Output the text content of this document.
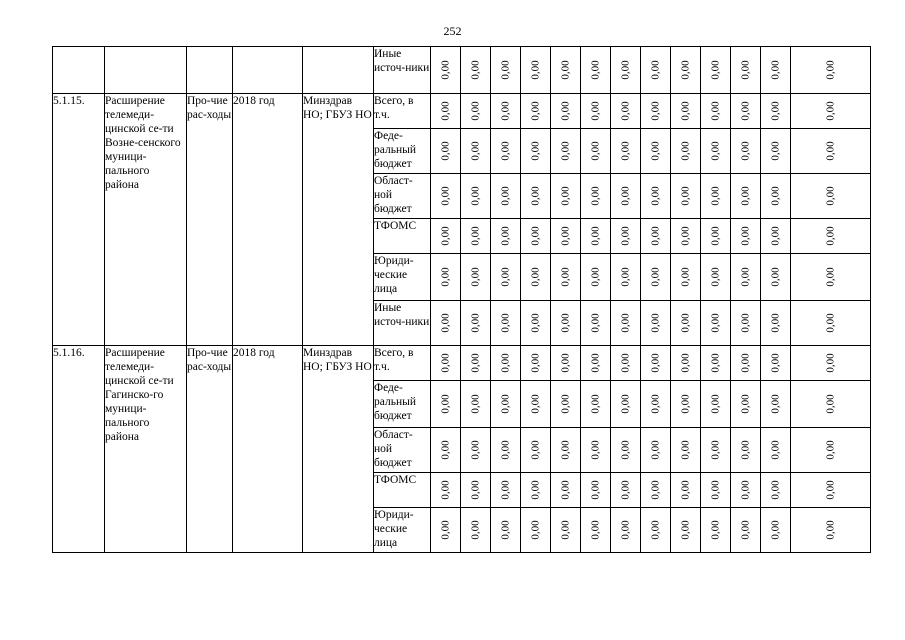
252
					Иные источ-ники	0,00	0,00	0,00	0,00	0,00	0,00	0,00	0,00	0,00	0,00	0,00	0,00	0,00

5.1.15.	Расширение телемеди-цинской се-ти Возне-сенского муници-пального района	Про-чие рас-ходы	2018 год	Минздрав НО; ГБУЗ НО	Всего, в т.ч.	0,00	0,00	0,00	0,00	0,00	0,00	0,00	0,00	0,00	0,00	0,00	0,00	0,00

					Феде-ральный бюджет	0,00	0,00	0,00	0,00	0,00	0,00	0,00	0,00	0,00	0,00	0,00	0,00	0,00

					Област-ной бюджет	0,00	0,00	0,00	0,00	0,00	0,00	0,00	0,00	0,00	0,00	0,00	0,00	0,00

					ТФОМС	0,00	0,00	0,00	0,00	0,00	0,00	0,00	0,00	0,00	0,00	0,00	0,00	0,00

					Юриди-ческие лица	0,00	0,00	0,00	0,00	0,00	0,00	0,00	0,00	0,00	0,00	0,00	0,00	0,00

					Иные источ-ники	0,00	0,00	0,00	0,00	0,00	0,00	0,00	0,00	0,00	0,00	0,00	0,00	0,00

5.1.16.	Расширение телемеди-цинской се-ти Гагинско-го муници-пального района	Про-чие рас-ходы	2018 год	Минздрав НО; ГБУЗ НО	Всего, в т.ч.	0,00	0,00	0,00	0,00	0,00	0,00	0,00	0,00	0,00	0,00	0,00	0,00	0,00

					Феде-ральный бюджет	0,00	0,00	0,00	0,00	0,00	0,00	0,00	0,00	0,00	0,00	0,00	0,00	0,00

					Област-ной бюджет	0,00	0,00	0,00	0,00	0,00	0,00	0,00	0,00	0,00	0,00	0,00	0,00	0,00

					ТФОМС	0,00	0,00	0,00	0,00	0,00	0,00	0,00	0,00	0,00	0,00	0,00	0,00	0,00

					Юриди-ческие лица	0,00	0,00	0,00	0,00	0,00	0,00	0,00	0,00	0,00	0,00	0,00	0,00	0,00
